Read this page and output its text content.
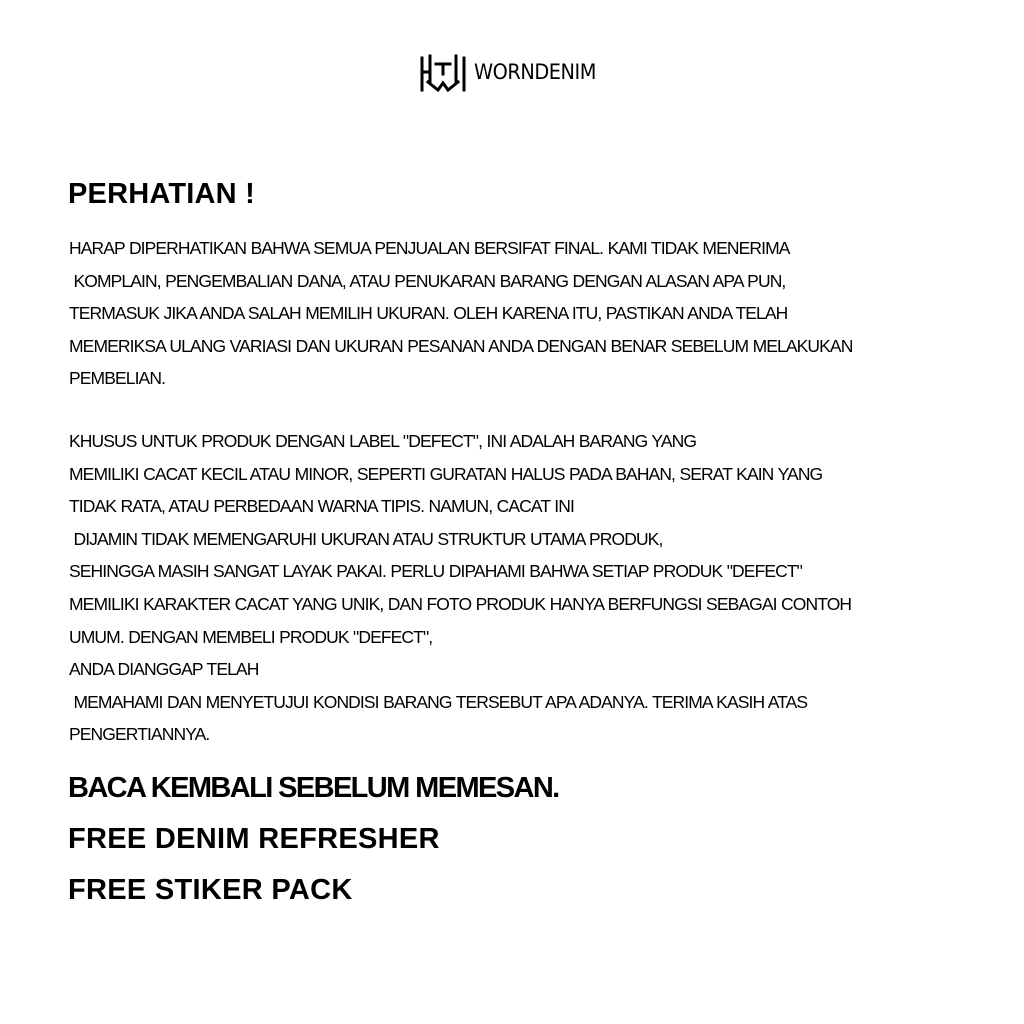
WORNDENIM
PERHATIAN !
HARAP DIPERHATIKAN BAHWA SEMUA PENJUALAN BERSIFAT FINAL. KAMI TIDAK MENERIMA
KOMPLAIN, PENGEMBALIAN DANA, ATAU PENUKARAN BARANG DENGAN ALASAN APA PUN,
TERMASUK JIKA ANDA SALAH MEMILIH UKURAN. OLEH KARENA ITU, PASTIKAN ANDA TELAH
MEMERIKSA ULANG VARIASI DAN UKURAN PESANAN ANDA DENGAN BENAR SEBELUM MELAKUKAN
PEMBELIAN.
KHUSUS UNTUK PRODUK DENGAN LABEL "DEFECT", INI ADALAH BARANG YANG
MEMILIKI CACAT KECIL ATAU MINOR, SEPERTI GURATAN HALUS PADA BAHAN, SERAT KAIN YANG
TIDAK RATA, ATAU PERBEDAAN WARNA TIPIS. NAMUN, CACAT INI
DIJAMIN TIDAK MEMENGARUHI UKURAN ATAU STRUKTUR UTAMA PRODUK,
SEHINGGA MASIH SANGAT LAYAK PAKAI. PERLU DIPAHAMI BAHWA SETIAP PRODUK "DEFECT"
MEMILIKI KARAKTER CACAT YANG UNIK, DAN FOTO PRODUK HANYA BERFUNGSI SEBAGAI CONTOH
UMUM. DENGAN MEMBELI PRODUK "DEFECT",
ANDA DIANGGAP TELAH
MEMAHAMI DAN MENYETUJUI KONDISI BARANG TERSEBUT APA ADANYA. TERIMA KASIH ATAS
PENGERTIANNYA.

BACA KEMBALI SEBELUM MEMESAN.

FREE DENIM REFRESHER

FREE STIKER PACK
